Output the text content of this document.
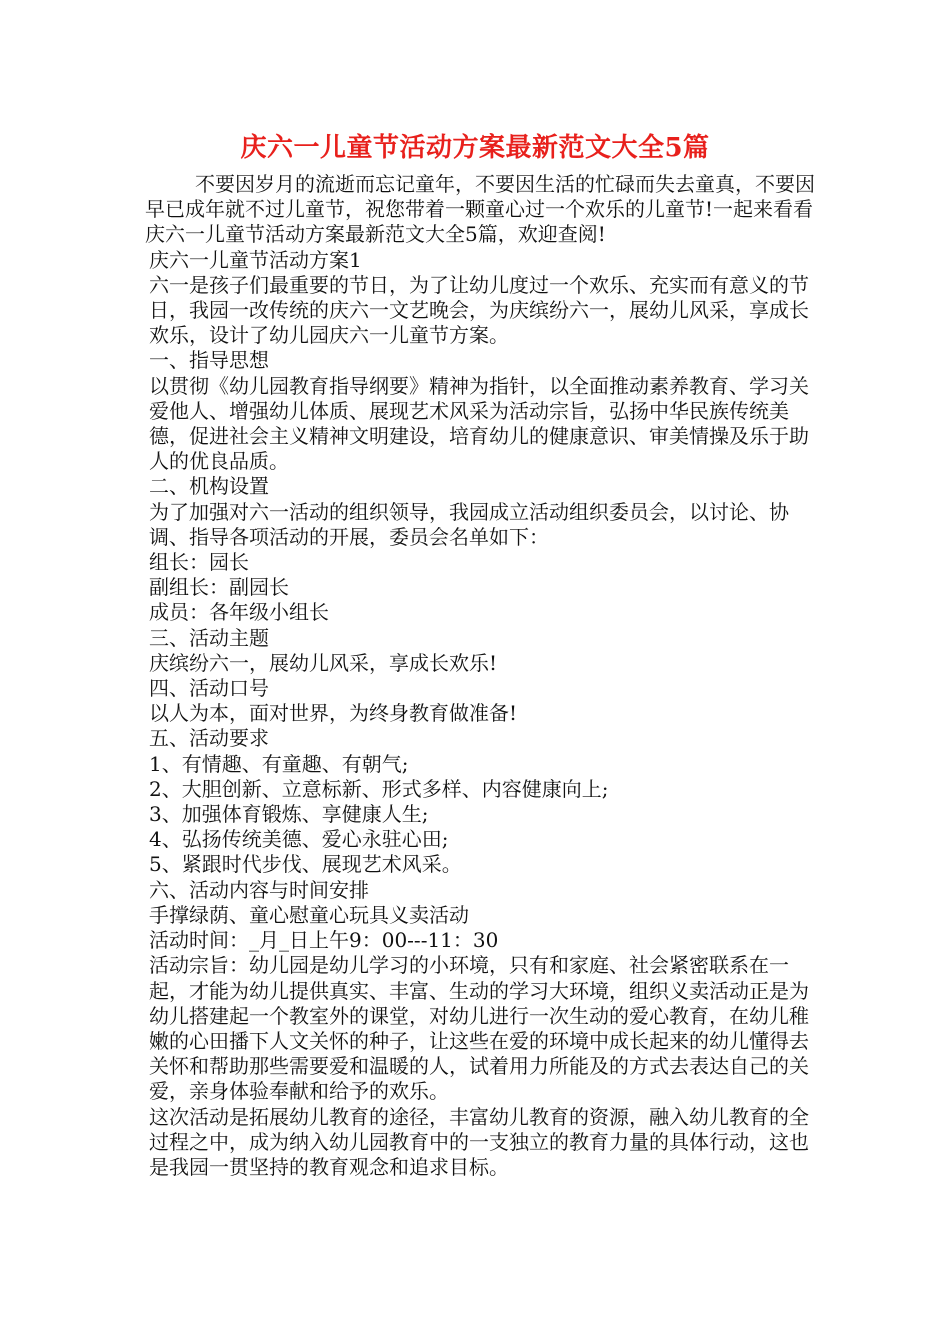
庆六一儿童节活动方案最新范文大全5篇

不要因岁月的流逝而忘记童年，不要因生活的忙碌而失去童真，不要因早已成年就不过儿童节，祝您带着一颗童心过一个欢乐的儿童节!一起来看看庆六一儿童节活动方案最新范文大全5篇，欢迎查阅!

庆六一儿童节活动方案1

六一是孩子们最重要的节日，为了让幼儿度过一个欢乐、充实而有意义的节日，我园一改传统的庆六一文艺晚会，为庆缤纷六一，展幼儿风采，享成长欢乐，设计了幼儿园庆六一儿童节方案。

一、指导思想

以贯彻《幼儿园教育指导纲要》精神为指针，以全面推动素养教育、学习关爱他人、增强幼儿体质、展现艺术风采为活动宗旨，弘扬中华民族传统美德，促进社会主义精神文明建设，培育幼儿的健康意识、审美情操及乐于助人的优良品质。

二、机构设置

为了加强对六一活动的组织领导，我园成立活动组织委员会，以讨论、协调、指导各项活动的开展，委员会名单如下：

组长：园长

副组长：副园长

成员：各年级小组长

三、活动主题

庆缤纷六一，展幼儿风采，享成长欢乐!

四、活动口号

以人为本，面对世界，为终身教育做准备!

五、活动要求

1、有情趣、有童趣、有朝气;

2、大胆创新、立意标新、形式多样、内容健康向上;

3、加强体育锻炼、享健康人生;

4、弘扬传统美德、爱心永驻心田;

5、紧跟时代步伐、展现艺术风采。

六、活动内容与时间安排

手撑绿荫、童心慰童心玩具义卖活动

活动时间：_月_日上午9：00---11：30

活动宗旨：幼儿园是幼儿学习的小环境，只有和家庭、社会紧密联系在一起，才能为幼儿提供真实、丰富、生动的学习大环境，组织义卖活动正是为幼儿搭建起一个教室外的课堂，对幼儿进行一次生动的爱心教育，在幼儿稚嫩的心田播下人文关怀的种子，让这些在爱的环境中成长起来的幼儿懂得去关怀和帮助那些需要爱和温暖的人，试着用力所能及的方式去表达自己的关爱，亲身体验奉献和给予的欢乐。

这次活动是拓展幼儿教育的途径，丰富幼儿教育的资源，融入幼儿教育的全过程之中，成为纳入幼儿园教育中的一支独立的教育力量的具体行动，这也是我园一贯坚持的教育观念和追求目标。
